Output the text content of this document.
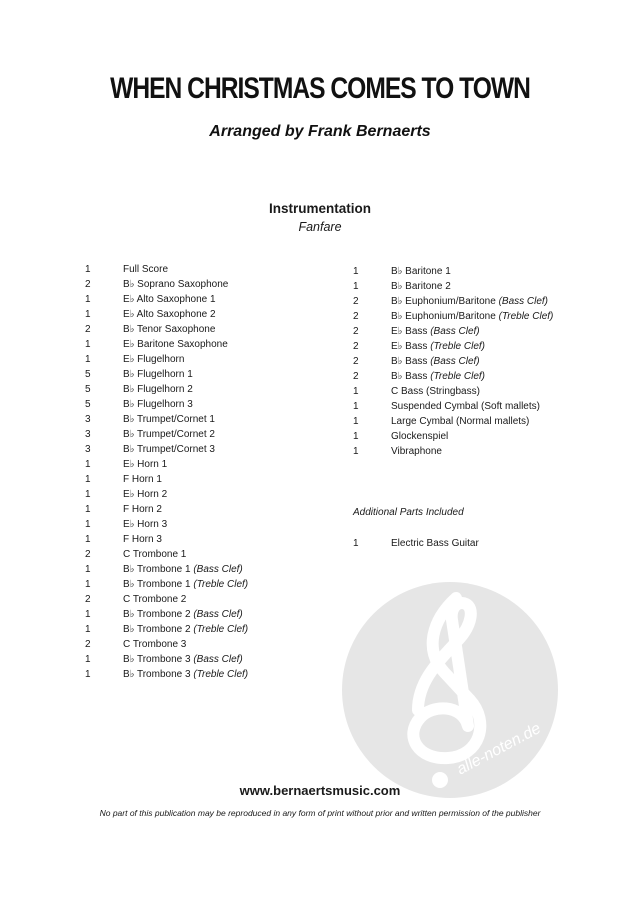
WHEN CHRISTMAS COMES TO TOWN
Arranged by Frank Bernaerts
Instrumentation
Fanfare
alle-noten.de
1	Full Score
2	B♭ Soprano Saxophone
1	E♭ Alto Saxophone 1
1	E♭ Alto Saxophone 2
2	B♭ Tenor Saxophone
1	E♭ Baritone Saxophone
1	E♭ Flugelhorn
5	B♭ Flugelhorn 1
5	B♭ Flugelhorn 2
5	B♭ Flugelhorn 3
3	B♭ Trumpet/Cornet 1
3	B♭ Trumpet/Cornet 2
3	B♭ Trumpet/Cornet 3
1	E♭ Horn 1
1	F Horn 1
1	E♭ Horn 2
1	F Horn 2
1	E♭ Horn 3
1	F Horn 3
2	C Trombone 1
1	B♭ Trombone 1 (Bass Clef)
1	B♭ Trombone 1 (Treble Clef)
2	C Trombone 2
1	B♭ Trombone 2 (Bass Clef)
1	B♭ Trombone 2 (Treble Clef)
2	C Trombone 3
1	B♭ Trombone 3 (Bass Clef)
1	B♭ Trombone 3 (Treble Clef)
1	B♭ Baritone 1
1	B♭ Baritone 2
2	B♭ Euphonium/Baritone (Bass Clef)
2	B♭ Euphonium/Baritone (Treble Clef)
2	E♭ Bass (Bass Clef)
2	E♭ Bass (Treble Clef)
2	B♭ Bass (Bass Clef)
2	B♭ Bass (Treble Clef)
1	C Bass (Stringbass)
1	Suspended Cymbal (Soft mallets)
1	Large Cymbal (Normal mallets)
1	Glockenspiel
1	Vibraphone
Additional Parts Included
1	Electric Bass Guitar
www.bernaertsmusic.com
No part of this publication may be reproduced in any form of print without prior and written permission of the publisher
